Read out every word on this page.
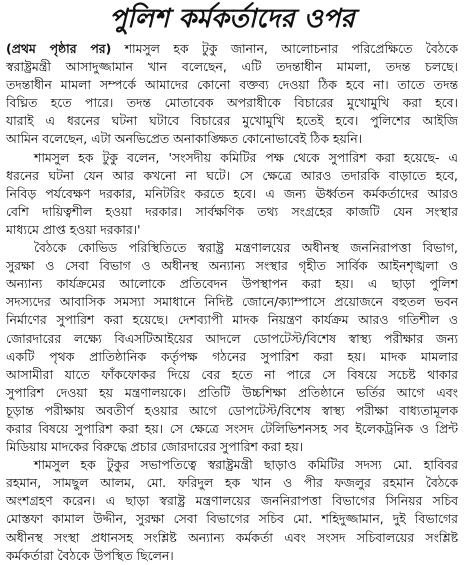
পুলিশ কর্মকর্তাদের ওপর
(প্রথম পৃষ্ঠার পর) শামসুল হক টুকু জানান, আলোচনার পরিপ্রেক্ষিতে বৈঠকে
স্বরাষ্ট্রমন্ত্রী আসাদুজ্জামান খান বলেছেন, এটি তদন্তাধীন মামলা, তদন্ত চলছে।
তদন্তাধীন মামলা সম্পর্কে আমাদের কোনো বক্তব্য দেওয়া ঠিক হবে না। তাতে তদন্ত
বিঘ্নিত হতে পারে। তদন্ত মোতাবেক অপরাধীকে বিচারের মুখোমুখি করা হবে।
যারাই এ ধরনের ঘটনা ঘটাবে বিচারের মুখোমুখি হতেই হবে। পুলিশের আইজি
আমিন বলেছেন, এটা অনভিপ্রেত অনাকাঙ্ক্ষিত কোনোভাবেই ঠিক হয়নি।
শামসুল হক টুকু বলেন, 'সংসদীয় কমিটির পক্ষ থেকে সুপারিশ করা হয়েছে- এ
ধরনের ঘটনা যেন আর কখনো না ঘটে। সে ক্ষেত্রে আরও তদারকি বাড়াতে হবে,
নিবিড় পর্যবেক্ষণ দরকার, মনিটরিং করতে হবে। এ জন্য ঊর্ধ্বতন কর্মকর্তাদের আরও
বেশি দায়িত্বশীল হওয়া দরকার। সার্বক্ষণিক তথ্য সংগ্রহের কাজটি যেন সংস্থার
মাধ্যমে প্রাপ্ত হওয়া দরকার।'
বৈঠকে কোভিড পরিস্থিতিতে স্বরাষ্ট্র মন্ত্রণালয়ের অধীনস্থ জননিরাপত্তা বিভাগ,
সুরক্ষা ও সেবা বিভাগ ও অধীনস্থ অন্যান্য সংস্থার গৃহীত সার্বিক আইনশৃঙ্খলা ও
অন্যান্য কার্যক্রমের আলোকে প্রতিবেদন উপস্থাপন করা হয়। এ ছাড়া পুলিশ
সদস্যদের আবাসিক সমস্যা সমাধানে নিদিষ্ট জোনে/ক্যাম্পাসে প্রয়োজনে বহুতল ভবন
নির্মাণের সুপারিশ করা হয়েছে। দেশব্যাপী মাদক নিয়ন্ত্রণ কার্যক্রম আরও গতিশীল ও
জোরদারের লক্ষ্যে বিএসটিআইয়ের আদলে ডোপটেস্ট/বিশেষ স্বাস্থ্য পরীক্ষার জন্য
একটি পৃথক প্রাতিষ্ঠানিক কর্তৃপক্ষ গঠনের সুপারিশ করা হয়। মাদক মামলার
আসামীরা যাতে ফাঁকফোকর দিয়ে বের হতে না পারে সে বিষয়ে সচেষ্ট থাকার
সুপারিশ দেওয়া হয় মন্ত্রণালয়কে। প্রতিটি উচ্চশিক্ষা প্রতিষ্ঠানে ভর্তির আগে এবং
চূড়ান্ত পরীক্ষায় অবতীর্ণ হওয়ার আগে ডোপটেস্ট/বিশেষ স্বাস্থ্য পরীক্ষা বাধ্যতামূলক
করার বিষয়ে সুপারিশ করা হয়। সে ক্ষেত্রে সংসদ টেলিভিশনসহ সব ইলেকট্রনিক ও প্রিন্ট
মিডিয়ায় মাদকের বিরুদ্ধে প্রচার জোরদারের সুপারিশ করা হয়।
শামসুল হক টুকুর সভাপতিত্বে স্বরাষ্ট্রমন্ত্রী ছাড়াও কমিটির সদস্য মো. হাবিবর
রহমান, সামছুল আলম, মো. ফরিদুল হক খান ও পীর ফজলুর রহমান বৈঠকে
অংশগ্রহণ করেন। এ ছাড়া স্বরাষ্ট্র মন্ত্রণালয়ের জননিরাপত্তা বিভাগের সিনিয়র সচিব
মোস্তফা কামাল উদ্দীন, সুরক্ষা সেবা বিভাগের সচিব মো. শহিদুজ্জামান, দুই বিভাগের
অধীনস্থ সংস্থা প্রধানসহ সংশ্লিষ্ট অন্যান্য কর্মকর্তা এবং সংসদ সচিবালয়ের সংশ্লিষ্ট
কর্মকর্তারা বৈঠকে উপস্থিত ছিলেন।
